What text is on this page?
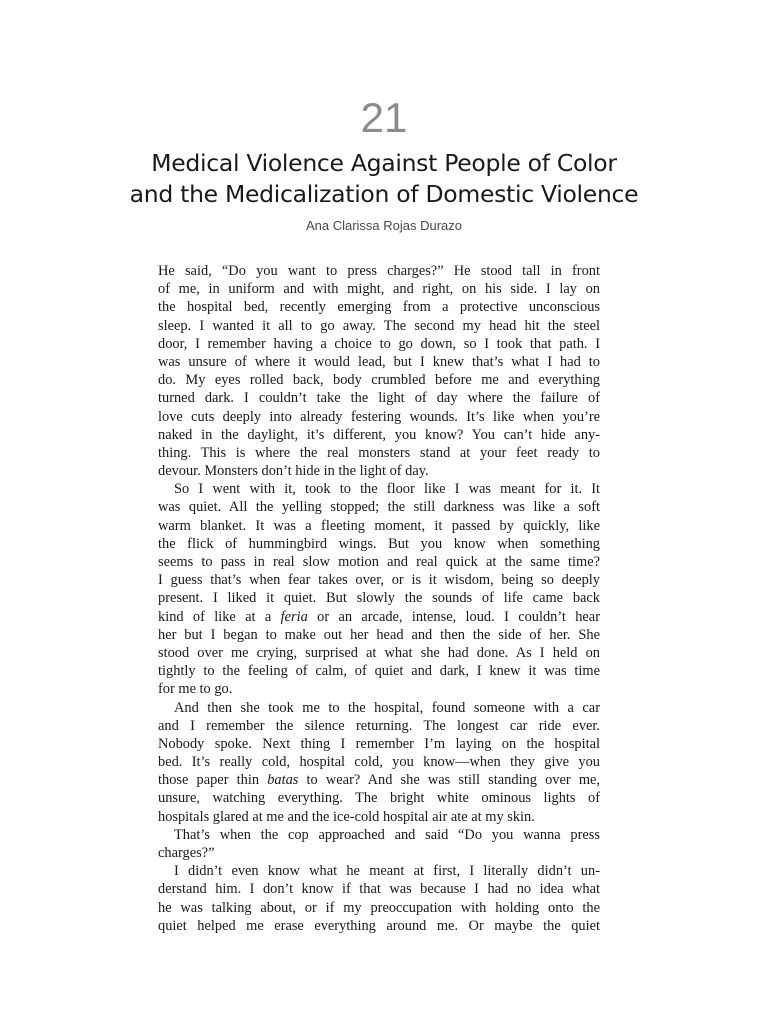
21
Medical Violence Against People of Color
and the Medicalization of Domestic Violence
Ana Clarissa Rojas Durazo
He said, “Do you want to press charges?” He stood tall in front
of me, in uniform and with might, and right, on his side. I lay on
the hospital bed, recently emerging from a protective unconscious
sleep. I wanted it all to go away. The second my head hit the steel
door, I remember having a choice to go down, so I took that path. I
was unsure of where it would lead, but I knew that’s what I had to
do. My eyes rolled back, body crumbled before me and everything
turned dark. I couldn’t take the light of day where the failure of
love cuts deeply into already festering wounds. It’s like when you’re
naked in the daylight, it’s different, you know? You can’t hide any-
thing. This is where the real monsters stand at your feet ready to
devour. Monsters don’t hide in the light of day.
So I went with it, took to the floor like I was meant for it. It
was quiet. All the yelling stopped; the still darkness was like a soft
warm blanket. It was a fleeting moment, it passed by quickly, like
the flick of hummingbird wings. But you know when something
seems to pass in real slow motion and real quick at the same time?
I guess that’s when fear takes over, or is it wisdom, being so deeply
present. I liked it quiet. But slowly the sounds of life came back
kind of like at a feria or an arcade, intense, loud. I couldn’t hear
her but I began to make out her head and then the side of her. She
stood over me crying, surprised at what she had done. As I held on
tightly to the feeling of calm, of quiet and dark, I knew it was time
for me to go.
And then she took me to the hospital, found someone with a car
and I remember the silence returning. The longest car ride ever.
Nobody spoke. Next thing I remember I’m laying on the hospital
bed. It’s really cold, hospital cold, you know—when they give you
those paper thin batas to wear? And she was still standing over me,
unsure, watching everything. The bright white ominous lights of
hospitals glared at me and the ice-cold hospital air ate at my skin.
That’s when the cop approached and said “Do you wanna press
charges?”
I didn’t even know what he meant at first, I literally didn’t un-
derstand him. I don’t know if that was because I had no idea what
he was talking about, or if my preoccupation with holding onto the
quiet helped me erase everything around me. Or maybe the quiet
